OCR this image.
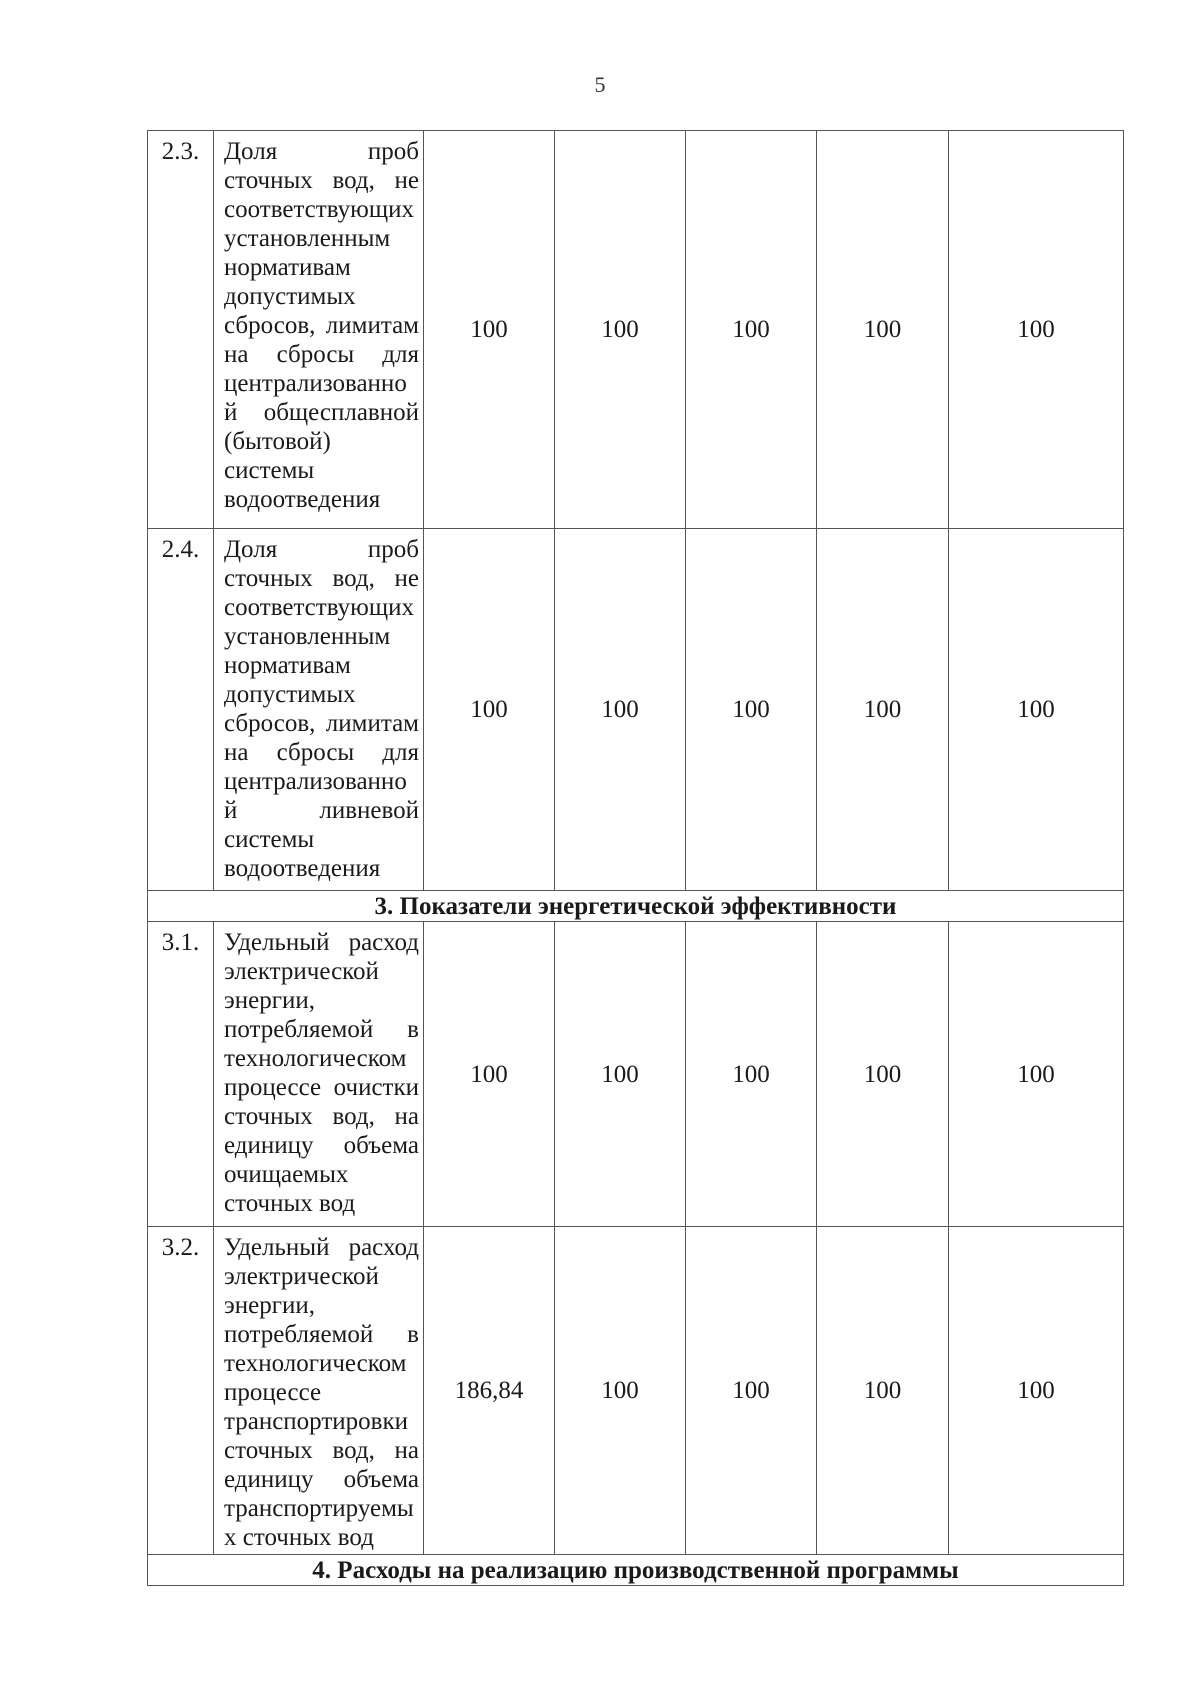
5
2.3.	Доля проб сточных вод, не соответствующих установленным нормативам допустимых сбросов, лимитам на сбросы для централизованной общесплавной (бытовой) системы водоотведения	100	100	100	100	100
2.4.	Доля проб сточных вод, не соответствующих установленным нормативам допустимых сбросов, лимитам на сбросы для централизованной ливневой системы водоотведения	100	100	100	100	100
3. Показатели энергетической эффективности						
3.1.	Удельный расход электрической энергии, потребляемой в технологическом процессе очистки сточных вод, на единицу объема очищаемых сточных вод	100	100	100	100	100
3.2.	Удельный расход электрической энергии, потребляемой в технологическом процессе транспортировки сточных вод, на единицу объема транспортируемых сточных вод	186,84	100	100	100	100
4. Расходы на реализацию производственной программы						
